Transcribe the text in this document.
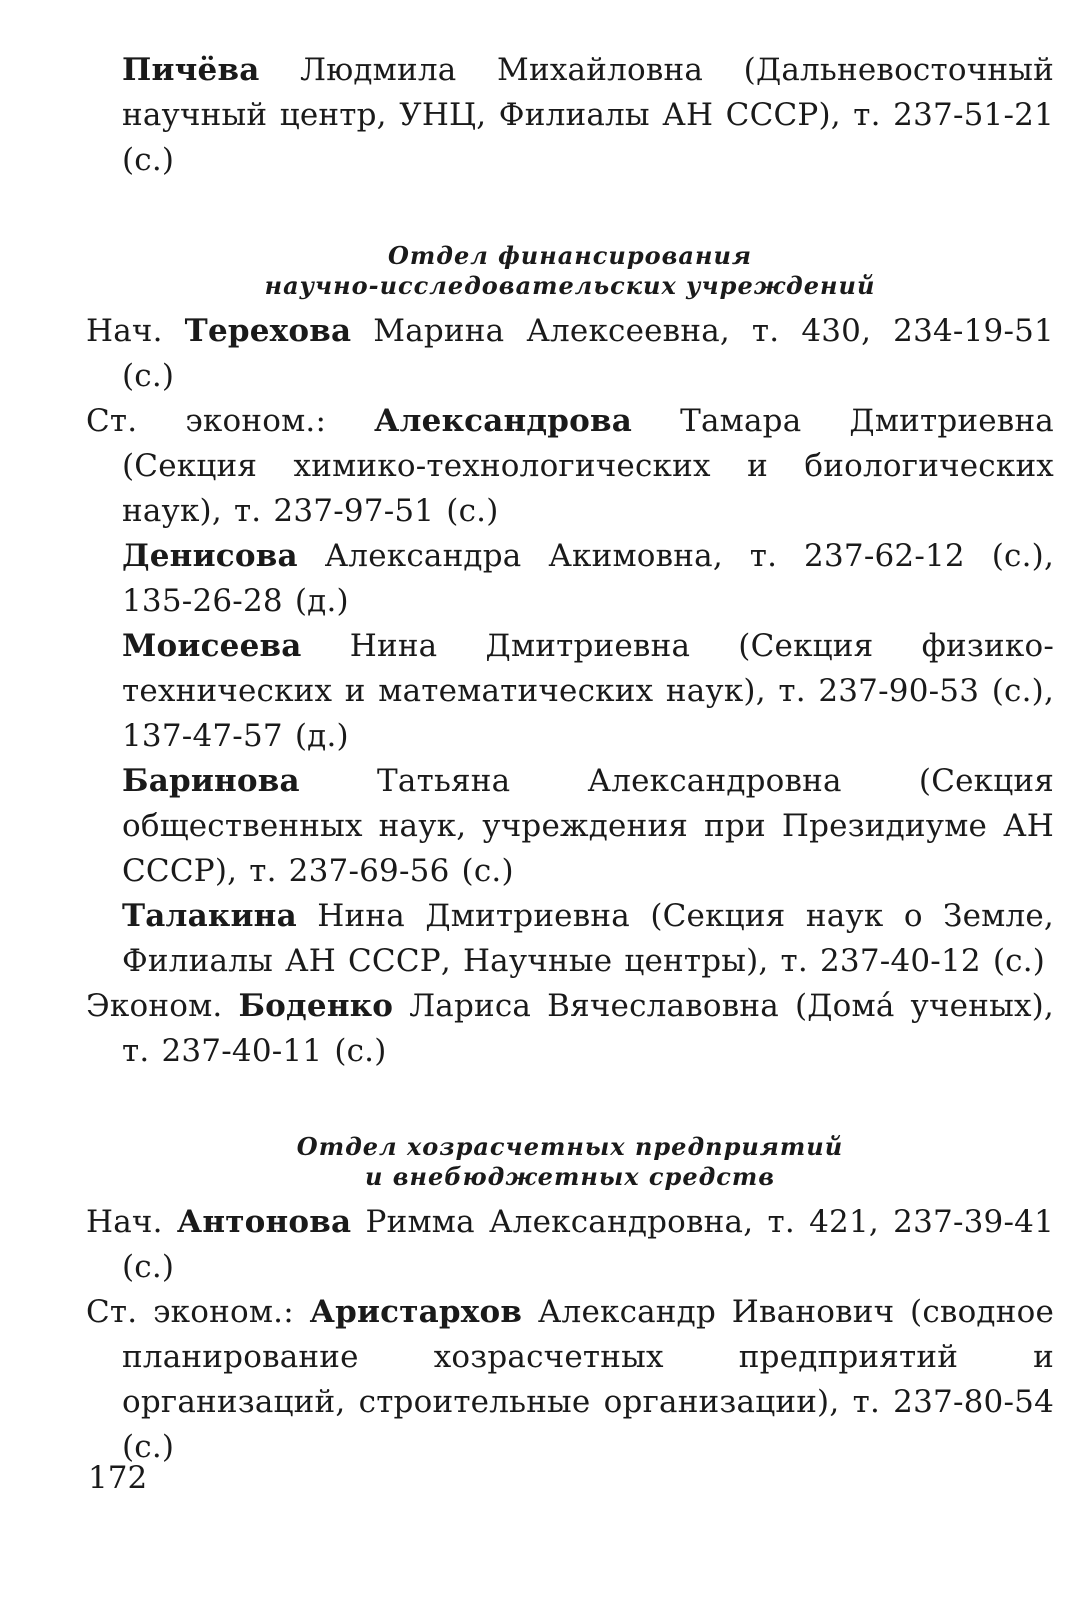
Пичёва Людмила Михайловна (Дальневосточный научный центр, УНЦ, Филиалы АН СССР), т. 237-51-21 (с.)
Отдел финансирования
научно-исследовательских учреждений
Нач. Терехова Марина Алексеевна, т. 430, 234-19-51 (с.)
Ст. эконом.: Александрова Тамара Дмитриевна (Секция химико-технологических и биологических наук), т. 237-97-51 (с.)
Денисова Александра Акимовна, т. 237-62-12 (с.), 135-26-28 (д.)
Моисеева Нина Дмитриевна (Секция физико-технических и математических наук), т. 237-90-53 (с.), 137-47-57 (д.)
Баринова Татьяна Александровна (Секция общественных наук, учреждения при Президиуме АН СССР), т. 237-69-56 (с.)
Талакина Нина Дмитриевна (Секция наук о Земле, Филиалы АН СССР, Научные центры), т. 237-40-12 (с.)
Эконом. Боденко Лариса Вячеславовна (Домá ученых), т. 237-40-11 (с.)
Отдел хозрасчетных предприятий
и внебюджетных средств
Нач. Антонова Римма Александровна, т. 421, 237-39-41 (с.)
Ст. эконом.: Аристархов Александр Иванович (сводное планирование хозрасчетных предприятий и организаций, строительные организации), т. 237-80-54 (с.)
172
